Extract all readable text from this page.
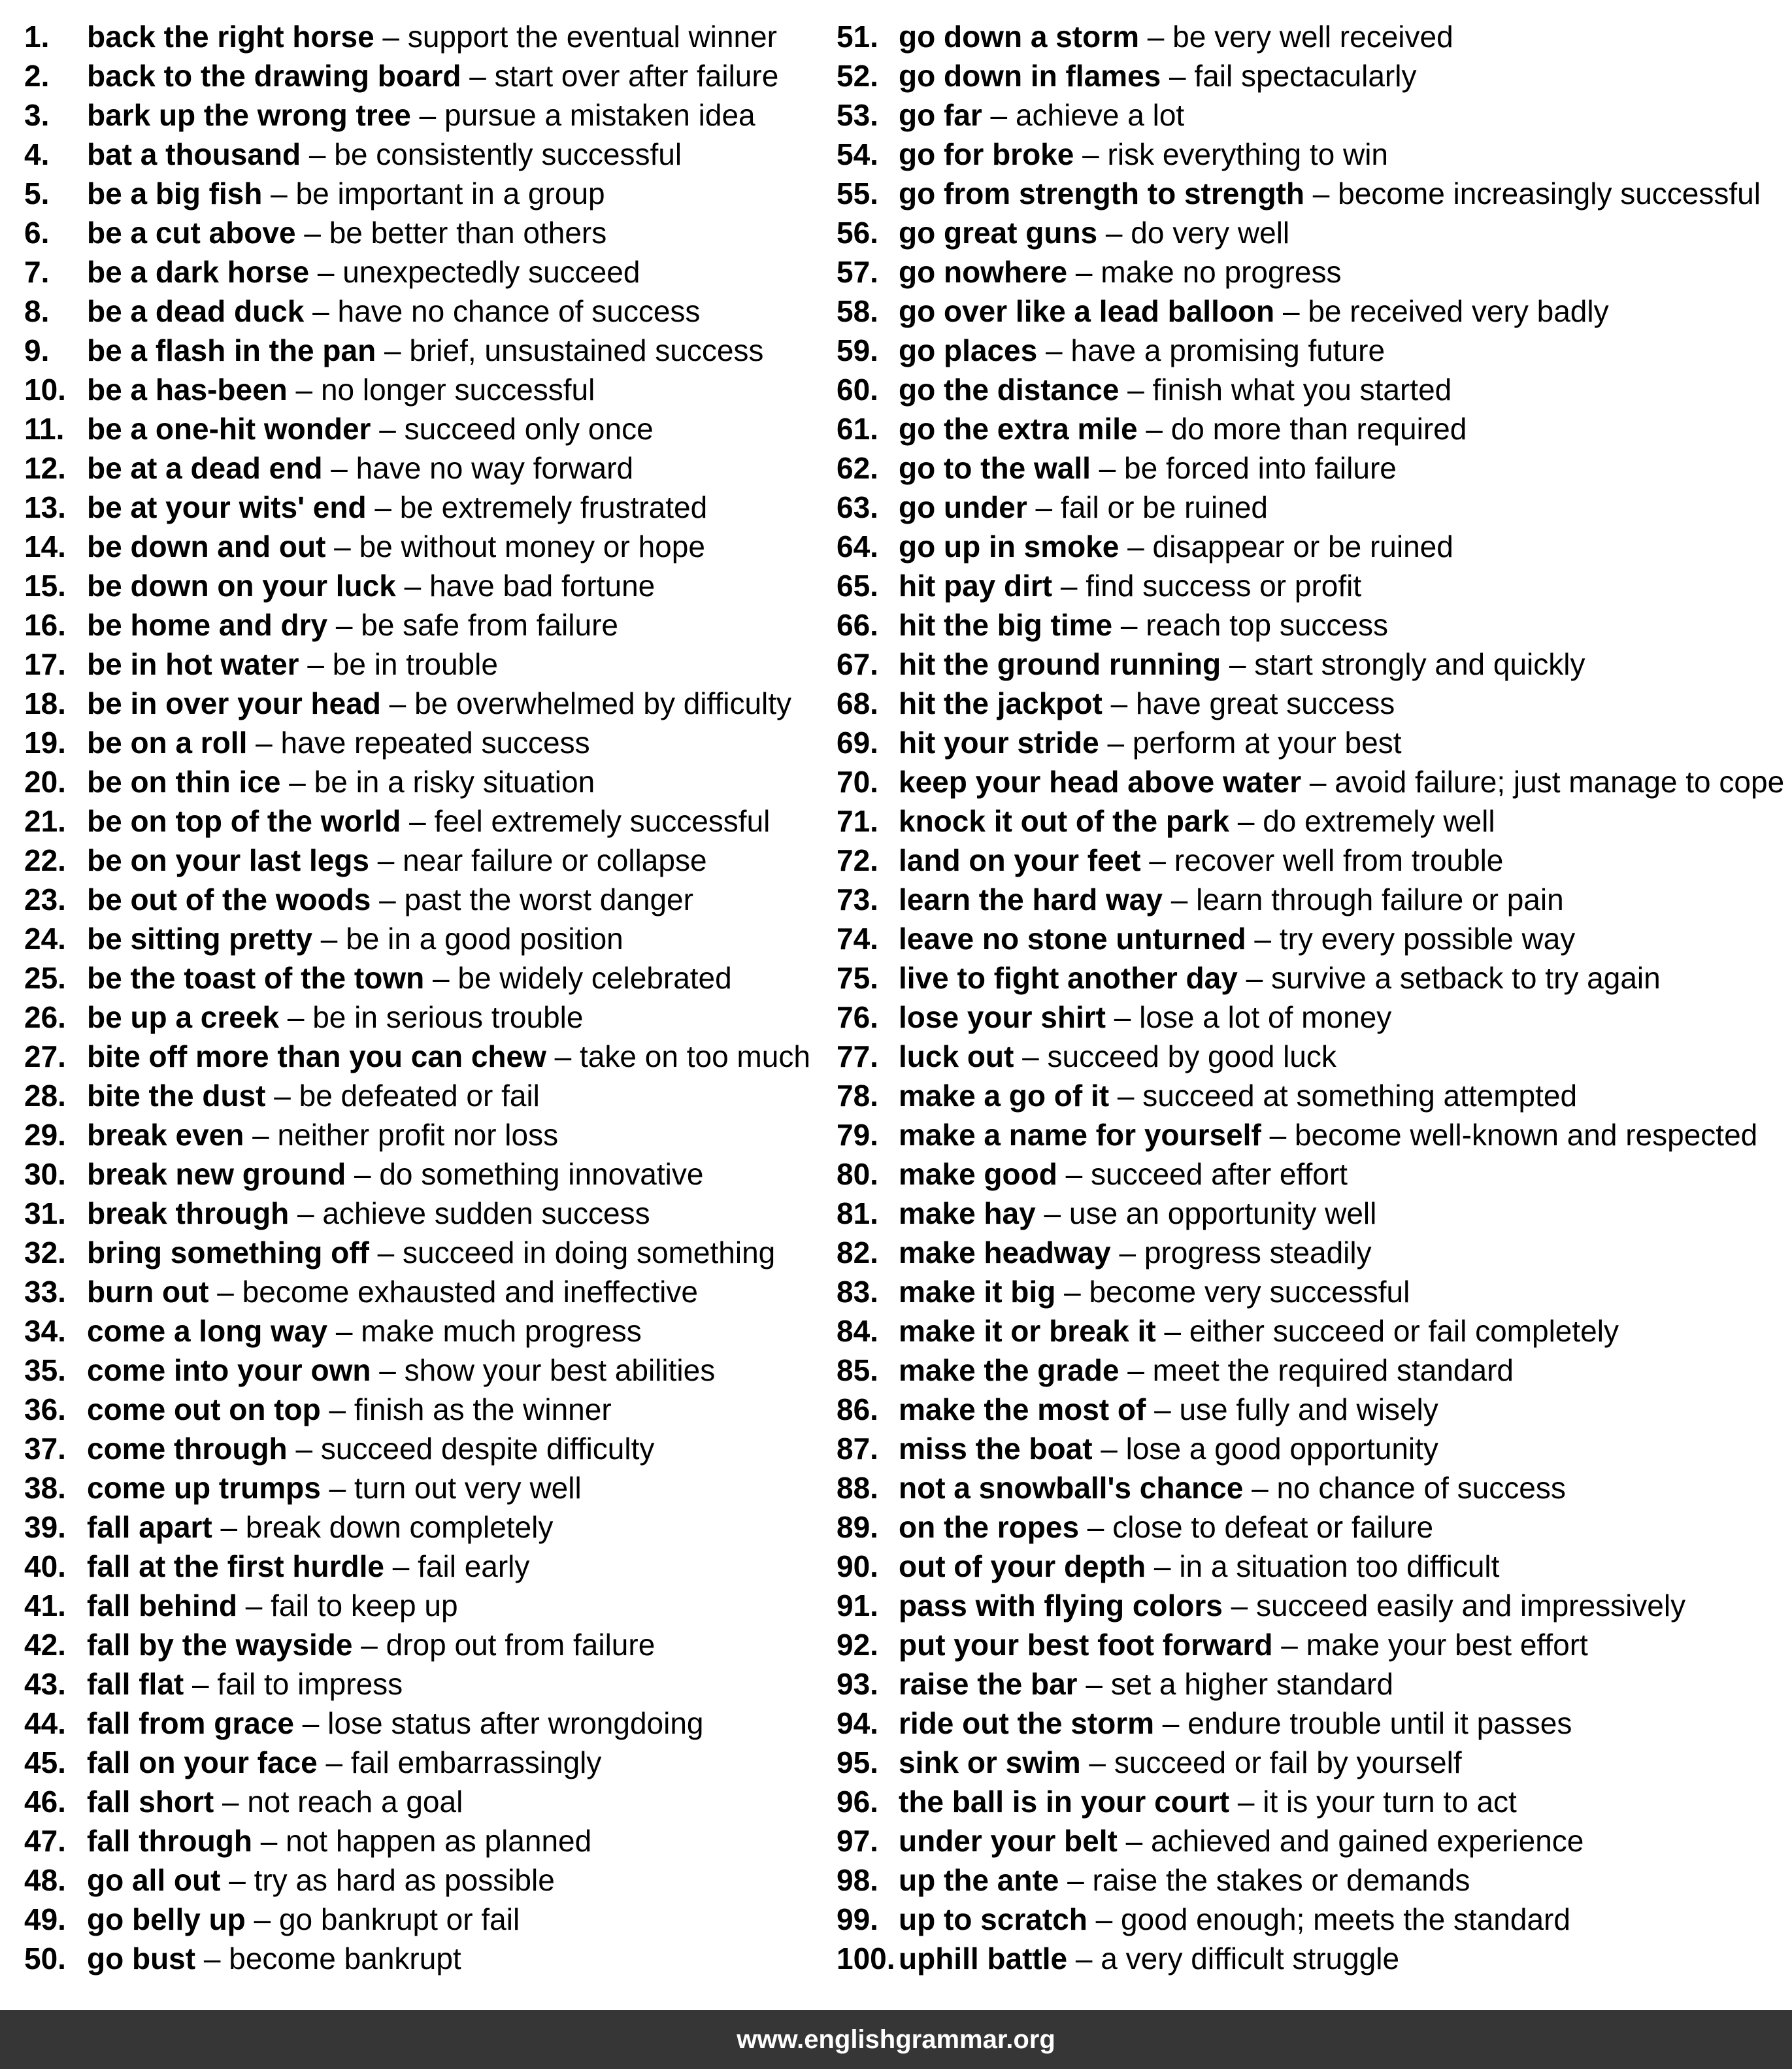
1. back the right horse – support the eventual winner
2. back to the drawing board – start over after failure
3. bark up the wrong tree – pursue a mistaken idea
4. bat a thousand – be consistently successful
5. be a big fish – be important in a group
6. be a cut above – be better than others
7. be a dark horse – unexpectedly succeed
8. be a dead duck – have no chance of success
9. be a flash in the pan – brief, unsustained success
10. be a has-been – no longer successful
11. be a one-hit wonder – succeed only once
12. be at a dead end – have no way forward
13. be at your wits' end – be extremely frustrated
14. be down and out – be without money or hope
15. be down on your luck – have bad fortune
16. be home and dry – be safe from failure
17. be in hot water – be in trouble
18. be in over your head – be overwhelmed by difficulty
19. be on a roll – have repeated success
20. be on thin ice – be in a risky situation
21. be on top of the world – feel extremely successful
22. be on your last legs – near failure or collapse
23. be out of the woods – past the worst danger
24. be sitting pretty – be in a good position
25. be the toast of the town – be widely celebrated
26. be up a creek – be in serious trouble
27. bite off more than you can chew – take on too much
28. bite the dust – be defeated or fail
29. break even – neither profit nor loss
30. break new ground – do something innovative
31. break through – achieve sudden success
32. bring something off – succeed in doing something
33. burn out – become exhausted and ineffective
34. come a long way – make much progress
35. come into your own – show your best abilities
36. come out on top – finish as the winner
37. come through – succeed despite difficulty
38. come up trumps – turn out very well
39. fall apart – break down completely
40. fall at the first hurdle – fail early
41. fall behind – fail to keep up
42. fall by the wayside – drop out from failure
43. fall flat – fail to impress
44. fall from grace – lose status after wrongdoing
45. fall on your face – fail embarrassingly
46. fall short – not reach a goal
47. fall through – not happen as planned
48. go all out – try as hard as possible
49. go belly up – go bankrupt or fail
50. go bust – become bankrupt
51. go down a storm – be very well received
52. go down in flames – fail spectacularly
53. go far – achieve a lot
54. go for broke – risk everything to win
55. go from strength to strength – become increasingly successful
56. go great guns – do very well
57. go nowhere – make no progress
58. go over like a lead balloon – be received very badly
59. go places – have a promising future
60. go the distance – finish what you started
61. go the extra mile – do more than required
62. go to the wall – be forced into failure
63. go under – fail or be ruined
64. go up in smoke – disappear or be ruined
65. hit pay dirt – find success or profit
66. hit the big time – reach top success
67. hit the ground running – start strongly and quickly
68. hit the jackpot – have great success
69. hit your stride – perform at your best
70. keep your head above water – avoid failure; just manage to cope
71. knock it out of the park – do extremely well
72. land on your feet – recover well from trouble
73. learn the hard way – learn through failure or pain
74. leave no stone unturned – try every possible way
75. live to fight another day – survive a setback to try again
76. lose your shirt – lose a lot of money
77. luck out – succeed by good luck
78. make a go of it – succeed at something attempted
79. make a name for yourself – become well-known and respected
80. make good – succeed after effort
81. make hay – use an opportunity well
82. make headway – progress steadily
83. make it big – become very successful
84. make it or break it – either succeed or fail completely
85. make the grade – meet the required standard
86. make the most of – use fully and wisely
87. miss the boat – lose a good opportunity
88. not a snowball's chance – no chance of success
89. on the ropes – close to defeat or failure
90. out of your depth – in a situation too difficult
91. pass with flying colors – succeed easily and impressively
92. put your best foot forward – make your best effort
93. raise the bar – set a higher standard
94. ride out the storm – endure trouble until it passes
95. sink or swim – succeed or fail by yourself
96. the ball is in your court – it is your turn to act
97. under your belt – achieved and gained experience
98. up the ante – raise the stakes or demands
99. up to scratch – good enough; meets the standard
100. uphill battle – a very difficult struggle
www.englishgrammar.org
